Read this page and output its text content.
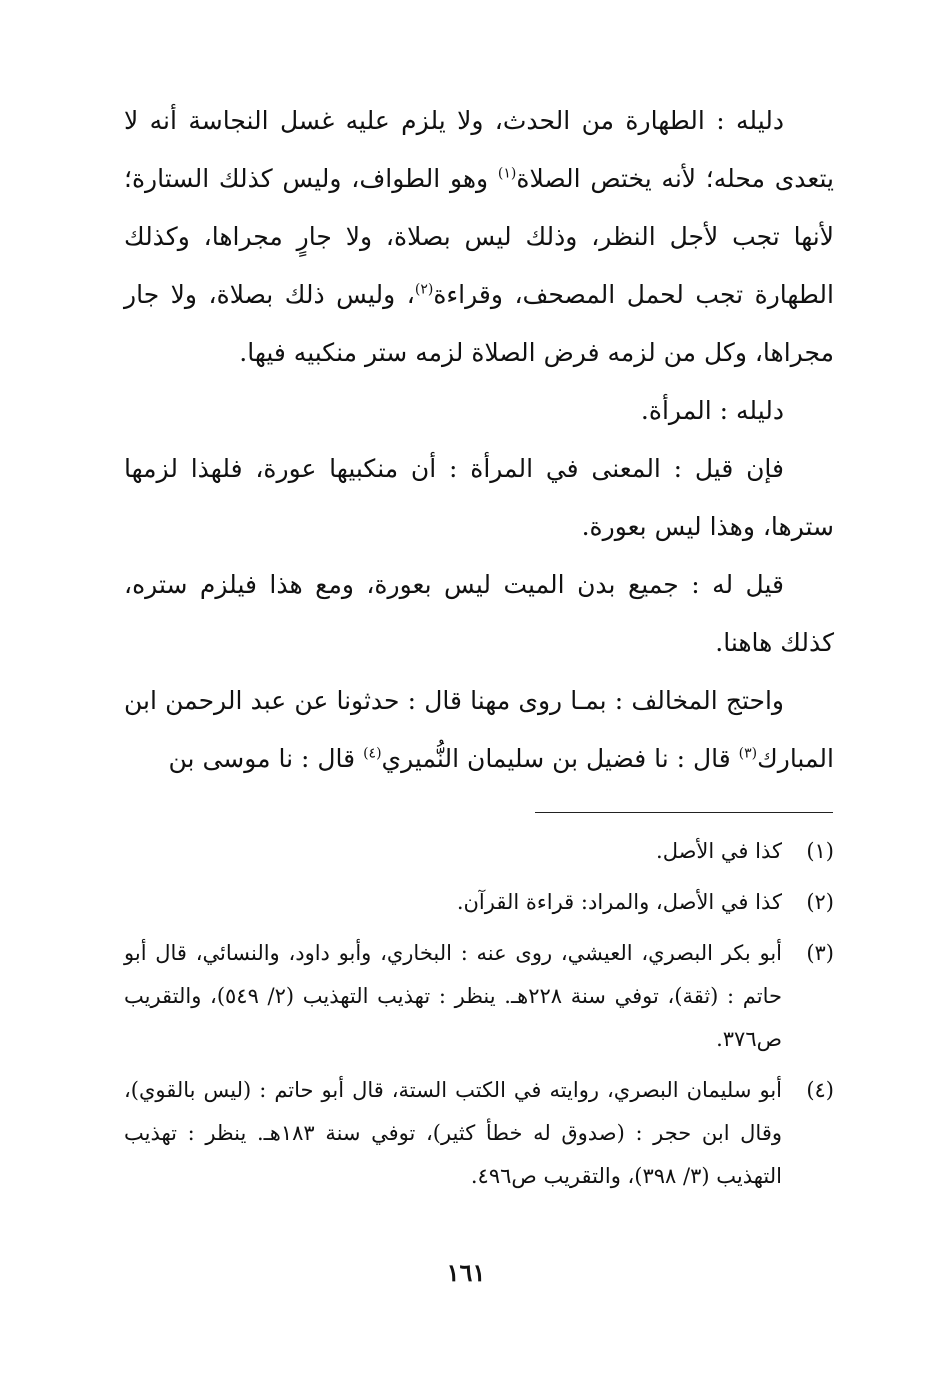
دليله : الطهارة من الحدث، ولا يلزم عليه غسل النجاسة أنه لا يتعدى محله؛ لأنه يختص الصلاة$^{(١)}$ وهو الطواف، وليس كذلك الستارة؛ لأنها تجب لأجل النظر، وذلك ليس بصلاة، ولا جارٍ مجراها، وكذلك الطهارة تجب لحمل المصحف، وقراءة$^{(٢)}$، وليس ذلك بصلاة، ولا جار مجراها، وكل من لزمه فرض الصلاة لزمه ستر منكبيه فيها.

دليله : المرأة.

فإن قيل : المعنى في المرأة : أن منكبيها عورة، فلهذا لزمها سترها، وهذا ليس بعورة.

قيل له : جميع بدن الميت ليس بعورة، ومع هذا فيلزم ستره، كذلك هاهنا.

واحتج المخالف : بمـا روى مهنا قال : حدثونا عن عبد الرحمن ابن المبارك$^{(٣)}$ قال : نا فضيل بن سليمان النُّميري$^{(٤)}$ قال : نا موسى بن

(١)
كذا في الأصل.
(٢)
كذا في الأصل، والمراد: قراءة القرآن.
(٣)
أبو بكر البصري، العيشي، روى عنه : البخاري، وأبو داود، والنسائي، قال أبو حاتم : (ثقة)، توفي سنة ٢٢٨هـ. ينظر : تهذيب التهذيب (٢/ ٥٤٩)، والتقريب ص٣٧٦.
(٤)
أبو سليمان البصري، روايته في الكتب الستة، قال أبو حاتم : (ليس بالقوي)، وقال ابن حجر : (صدوق له خطأ كثير)، توفي سنة ١٨٣هـ. ينظر : تهذيب التهذيب (٣/ ٣٩٨)، والتقريب ص٤٩٦.
١٦١
